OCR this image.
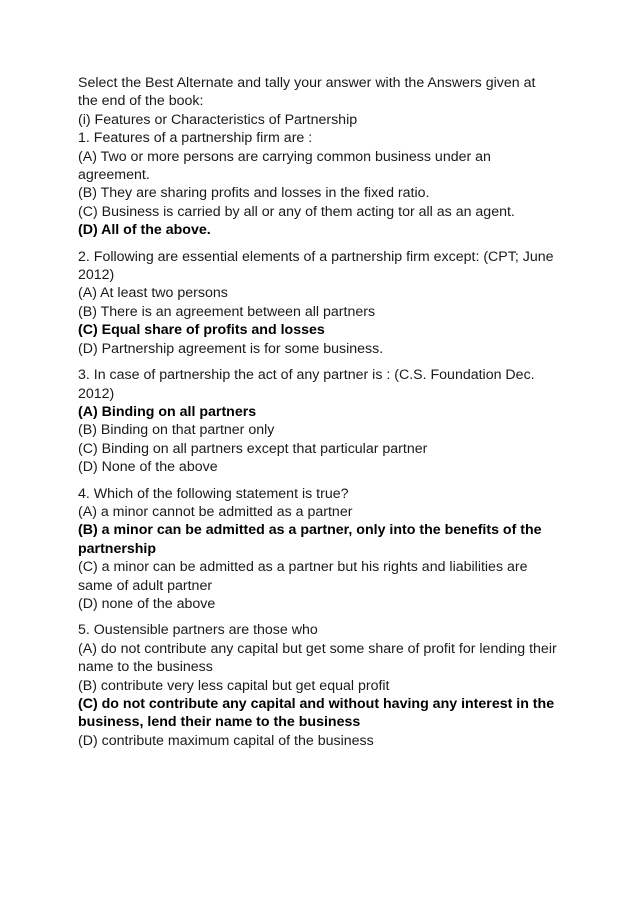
Select the Best Alternate and tally your answer with the Answers given at the end of the book:
(i) Features or Characteristics of Partnership
1. Features of a partnership firm are :
(A) Two or more persons are carrying common business under an agreement.
(B) They are sharing profits and losses in the fixed ratio.
(C) Business is carried by all or any of them acting tor all as an agent.
(D) All of the above.
2. Following are essential elements of a partnership firm except: (CPT; June 2012)
(A) At least two persons
(B) There is an agreement between all partners
(C) Equal share of profits and losses
(D) Partnership agreement is for some business.
3. In case of partnership the act of any partner is : (C.S. Foundation Dec. 2012)
(A) Binding on all partners
(B) Binding on that partner only
(C) Binding on all partners except that particular partner
(D) None of the above
4. Which of the following statement is true?
(A) a minor cannot be admitted as a partner
(B) a minor can be admitted as a partner, only into the benefits of the partnership
(C) a minor can be admitted as a partner but his rights and liabilities are same of adult partner
(D) none of the above
5. Oustensible partners are those who
(A) do not contribute any capital but get some share of profit for lending their name to the business
(B) contribute very less capital but get equal profit
(C) do not contribute any capital and without having any interest in the business, lend their name to the business
(D) contribute maximum capital of the business
